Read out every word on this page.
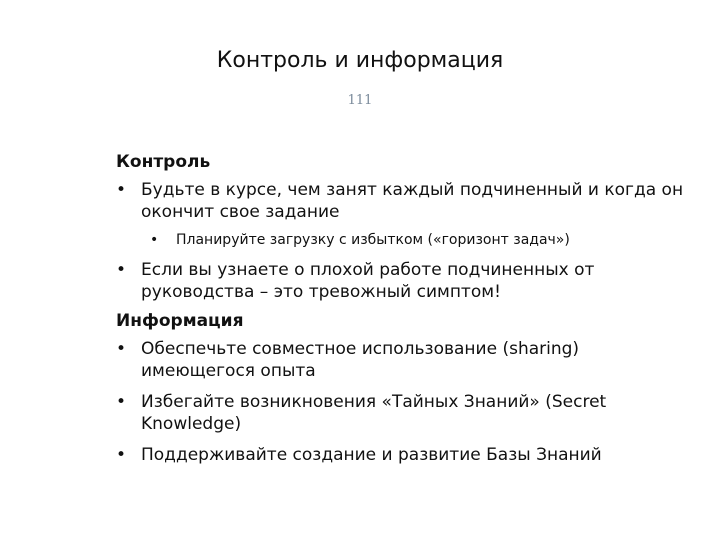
Контроль и информация
111
Контроль
• Будьте в курсе, чем занят каждый подчиненный и когда он окончит свое задание
• Планируйте загрузку с избытком («горизонт задач»)
• Если вы узнаете о плохой работе подчиненных от руководства – это тревожный симптом!
Информация
• Обеспечьте совместное использование (sharing) имеющегося опыта
• Избегайте возникновения «Тайных Знаний» (Secret Knowledge)
• Поддерживайте создание и развитие Базы Знаний
